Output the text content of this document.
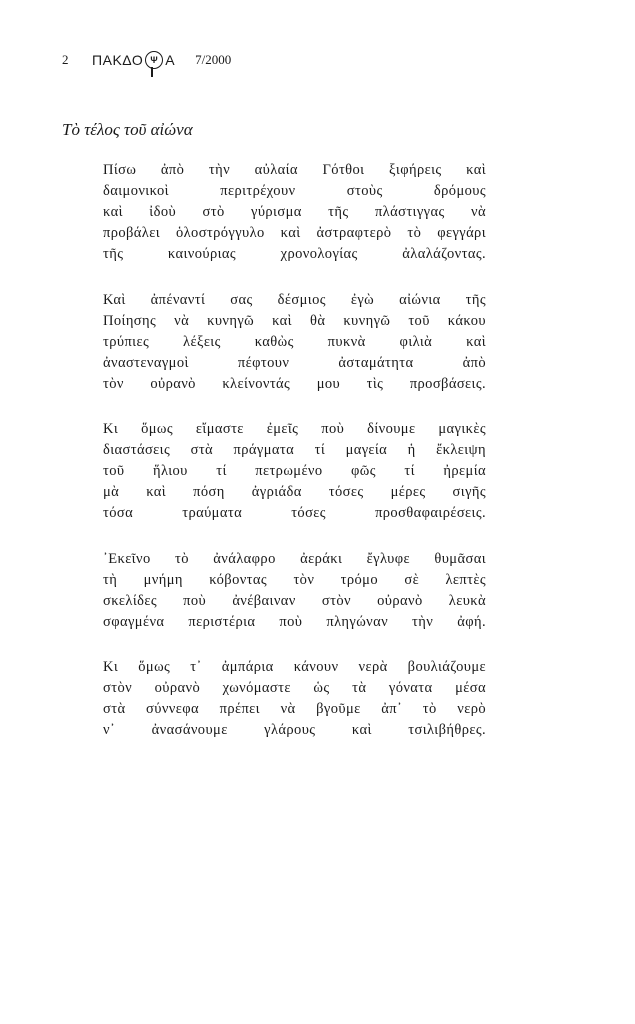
2	ΠΑΚΔΟ Ψ Α 7/2000
Τὸ τέλος τοῦ αἰώνα
Πίσω ἀπὸ τὴν αὐλαία Γότθοι ξιφήρεις καὶ
δαιμονικοὶ περιτρέχουν στοὺς δρόμους
καὶ ἰδοὺ στὸ γύρισμα τῆς πλάστιγγας νὰ
προβάλει ὁλοστρόγγυλο καὶ ἀστραφτερὸ τὸ φεγγάρι
τῆς καινούριας χρονολογίας ἀλαλάζοντας.
Καὶ ἀπέναντί σας δέσμιος ἐγὼ αἰώνια τῆς
Ποίησης νὰ κυνηγῶ καὶ θὰ κυνηγῶ τοῦ κάκου
τρύπιες λέξεις καθὼς πυκνὰ φιλιὰ καὶ
ἀναστεναγμοὶ πέφτουν ἀσταμάτητα ἀπὸ
τὸν οὐρανὸ κλείνοντάς μου τὶς προσβάσεις.
Κι ὅμως εἴμαστε ἐμεῖς ποὺ δίνουμε μαγικὲς
διαστάσεις στὰ πράγματα τί μαγεία ἡ ἔκλειψη
τοῦ ἥλιου τί πετρωμένο φῶς τί ἠρεμία
μὰ καὶ πόση ἀγριάδα τόσες μέρες σιγῆς
τόσα τραύματα τόσες προσθαφαιρέσεις.
᾿Εκεῖνο τὸ ἀνάλαφρο ἀεράκι ἔγλυφε θυμᾶσαι
τὴ μνήμη κόβοντας τὸν τρόμο σὲ λεπτὲς
σκελίδες ποὺ ἀνέβαιναν στὸν οὐρανὸ λευκὰ
σφαγμένα περιστέρια ποὺ πληγώναν τὴν ἀφή.
Κι ὅμως τ᾿ ἀμπάρια κάνουν νερὰ βουλιάζουμε
στὸν οὐρανὸ χωνόμαστε ὡς τὰ γόνατα μέσα
στὰ σύννεφα πρέπει νὰ βγοῦμε ἀπ᾿ τὸ νερὸ
ν᾿ ἀνασάνουμε γλάρους καὶ τσιλιβήθρες.
